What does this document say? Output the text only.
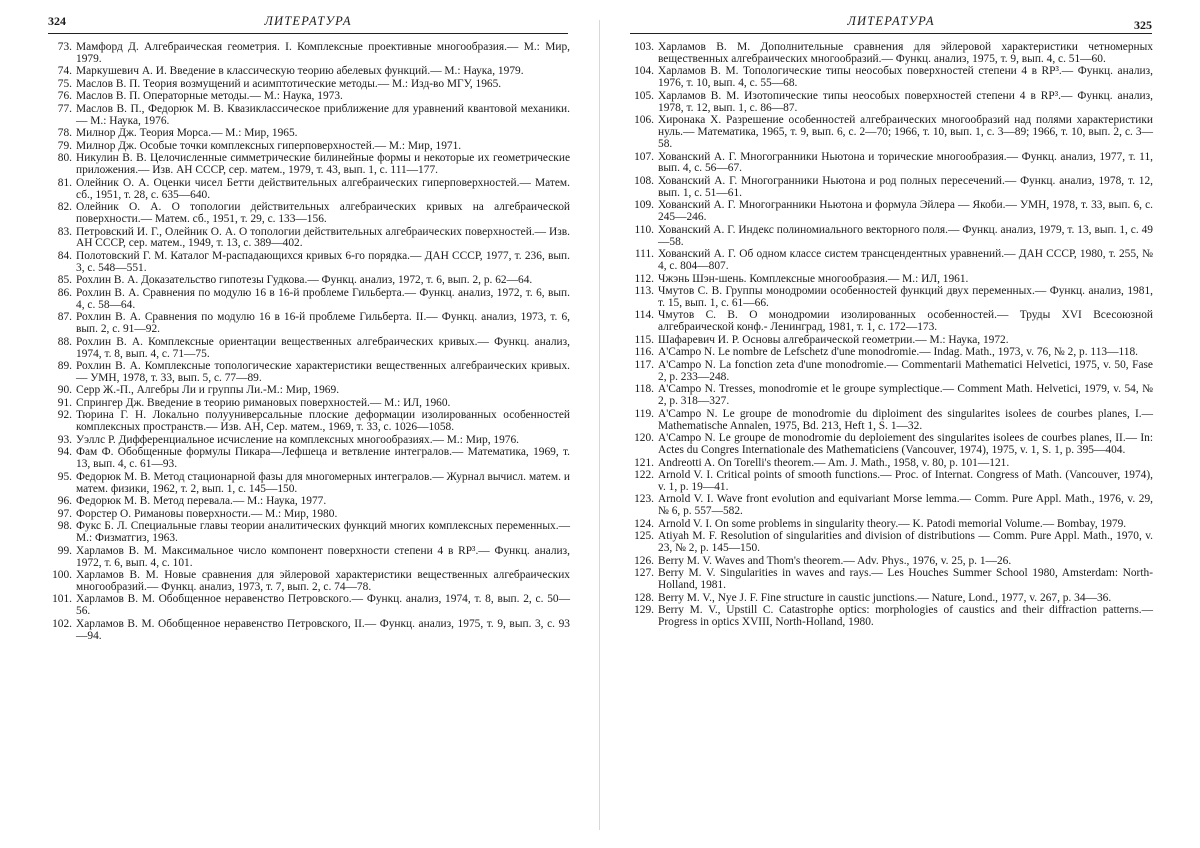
324	ЛИТЕРАТУРА
73. Мамфорд Д. Алгебраическая геометрия. I. Комплексные проективные многообразия.— М.: Мир, 1979.
74. Маркушевич А. И. Введение в классическую теорию абелевых функций.— М.: Наука, 1979.
75. Маслов В. П. Теория возмущений и асимптотические методы.— М.: Изд-во МГУ, 1965.
76. Маслов В. П. Операторные методы.— М.: Наука, 1973.
77. Маслов В. П., Федорюк М. В. Квазиклассическое приближение для уравнений квантовой механики.— М.: Наука, 1976.
78. Милнор Дж. Теория Морса.— М.: Мир, 1965.
79. Милнор Дж. Особые точки комплексных гиперповерхностей.— М.: Мир, 1971.
80. Никулин В. В. Целочисленные симметрические билинейные формы и некоторые их геометрические приложения.— Изв. АН СССР, сер. матем., 1979, т. 43, вып. 1, с. 111—177.
81. Олейник О. А. Оценки чисел Бетти действительных алгебраических гиперповерхностей.— Матем. сб., 1951, т. 28, с. 635—640.
82. Олейник О. А. О топологии действительных алгебраических кривых на алгебраической поверхности.— Матем. сб., 1951, т. 29, с. 133—156.
83. Петровский И. Г., Олейник О. А. О топологии действительных алгебраических поверхностей.— Изв. АН СССР, сер. матем., 1949, т. 13, с. 389—402.
84. Полотовский Г. М. Каталог M-распадающихся кривых 6-го порядка.— ДАН СССР, 1977, т. 236, вып. 3, с. 548—551.
85. Рохлин В. А. Доказательство гипотезы Гудкова.— Функц. анализ, 1972, т. 6, вып. 2, р. 62—64.
86. Рохлин В. А. Сравнения по модулю 16 в 16-й проблеме Гильберта.— Функц. анализ, 1972, т. 6, вып. 4, с. 58—64.
87. Рохлин В. А. Сравнения по модулю 16 в 16-й проблеме Гильберта. II.— Функц. анализ, 1973, т. 6, вып. 2, с. 91—92.
88. Рохлин В. А. Комплексные ориентации вещественных алгебраических кривых.— Функц. анализ, 1974, т. 8, вып. 4, с. 71—75.
89. Рохлин В. А. Комплексные топологические характеристики вещественных алгебраических кривых.— УМН, 1978, т. 33, вып. 5, с. 77—89.
90. Серр Ж.-П., Алгебры Ли и группы Ли.-М.: Мир, 1969.
91. Спрингер Дж. Введение в теорию римановых поверхностей.— М.: ИЛ, 1960.
92. Тюрина Г. Н. Локально полууниверсальные плоские деформации изолированных особенностей комплексных пространств.— Изв. АН, Сер. матем., 1969, т. 33, с. 1026—1058.
93. Уэллс Р. Дифференциальное исчисление на комплексных многообразиях.— М.: Мир, 1976.
94. Фам Ф. Обобщенные формулы Пикара—Лефшеца и ветвление интегралов.— Математика, 1969, т. 13, вып. 4, с. 61—93.
95. Федорюк М. В. Метод стационарной фазы для многомерных интегралов.— Журнал вычисл. матем. и матем. физики, 1962, т. 2, вып. 1, с. 145—150.
96. Федорюк М. В. Метод перевала.— М.: Наука, 1977.
97. Форстер О. Римановы поверхности.— М.: Мир, 1980.
98. Фукс Б. Л. Специальные главы теории аналитических функций многих комплексных переменных.— М.: Физматгиз, 1963.
99. Харламов В. М. Максимальное число компонент поверхности степени 4 в RP³.— Функц. анализ, 1972, т. 6, вып. 4, с. 101.
100. Харламов В. М. Новые сравнения для эйлеровой характеристики вещественных алгебраических многообразий.— Функц. анализ, 1973, т. 7, вып. 2, с. 74—78.
101. Харламов В. М. Обобщенное неравенство Петровского.— Функц. анализ, 1974, т. 8, вып. 2, с. 50—56.
102. Харламов В. М. Обобщенное неравенство Петровского, II.— Функц. анализ, 1975, т. 9, вып. 3, с. 93—94.
ЛИТЕРАТУРА	325
103. Харламов В. М. Дополнительные сравнения для эйлеровой характеристики четномерных вещественных алгебраических многообразий.— Функц. анализ, 1975, т. 9, вып. 4, с. 51—60.
104. Харламов В. М. Топологические типы неособых поверхностей степени 4 в RP³.— Функц. анализ, 1976, т. 10, вып. 4, с. 55—68.
105. Харламов В. М. Изотопические типы неособых поверхностей степени 4 в RP³.— Функц. анализ, 1978, т. 12, вып. 1, с. 86—87.
106. Хиронака Х. Разрешение особенностей алгебраических многообразий над полями характеристики нуль.— Математика, 1965, т. 9, вып. 6, с. 2—70; 1966, т. 10, вып. 1, с. 3—89; 1966, т. 10, вып. 2, с. 3—58.
107. Хованский А. Г. Многогранники Ньютона и торические многообразия.— Функц. анализ, 1977, т. 11, вып. 4, с. 56—67.
108. Хованский А. Г. Многогранники Ньютона и род полных пересечений.— Функц. анализ, 1978, т. 12, вып. 1, с. 51—61.
109. Хованский А. Г. Многогранники Ньютона и формула Эйлера — Якоби.— УМН, 1978, т. 33, вып. 6, с. 245—246.
110. Хованский А. Г. Индекс полиномиального векторного поля.— Функц. анализ, 1979, т. 13, вып. 1, с. 49—58.
111. Хованский А. Г. Об одном классе систем трансцендентных уравнений.— ДАН СССР, 1980, т. 255, № 4, с. 804—807.
112. Чжэнь Шэн-шень. Комплексные многообразия.— М.: ИЛ, 1961.
113. Чмутов С. В. Группы монодромии особенностей функций двух переменных.— Функц. анализ, 1981, т. 15, вып. 1, с. 61—66.
114. Чмутов С. В. О монодромии изолированных особенностей.— Труды XVI Всесоюзной алгебраической конф.- Ленинград, 1981, т. 1, с. 172—173.
115. Шафаревич И. Р. Основы алгебраической геометрии.— М.: Наука, 1972.
116. A'Campo N. Le nombre de Lefschetz d'une monodromie.— Indag. Math., 1973, v. 76, № 2, p. 113—118.
117. A'Campo N. La fonction zeta d'une monodromie.— Commentarii Mathematici Helvetici, 1975, v. 50, Fase 2, p. 233—248.
118. A'Campo N. Tresses, monodromie et le groupe symplectique.— Comment Math. Helvetici, 1979, v. 54, № 2, p. 318—327.
119. A'Campo N. Le groupe de monodromie du diploiment des singularites isolees de courbes planes, I.— Mathematische Annalen, 1975, Bd. 213, Heft 1, S. 1—32.
120. A'Campo N. Le groupe de monodromie du deploiement des singularites isolees de courbes planes, II.— In: Actes du Congres Internationale des Mathematiciens (Vancouver, 1974), 1975, v. 1, S. 1, p. 395—404.
121. Andreotti A. On Torelli's theorem.— Am. J. Math., 1958, v. 80, p. 101—121.
122. Arnold V. I. Critical points of smooth functions.— Proc. of Internat. Congress of Math. (Vancouver, 1974), v. 1, p. 19—41.
123. Arnold V. I. Wave front evolution and equivariant Morse lemma.— Comm. Pure Appl. Math., 1976, v. 29, № 6, p. 557—582.
124. Arnold V. I. On some problems in singularity theory.— K. Patodi memorial Volume.— Bombay, 1979.
125. Atiyah M. F. Resolution of singularities and division of distributions — Comm. Pure Appl. Math., 1970, v. 23, № 2, p. 145—150.
126. Berry M. V. Waves and Thom's theorem.— Adv. Phys., 1976, v. 25, p. 1—26.
127. Berry M. V. Singularities in waves and rays.— Les Houches Summer School 1980, Amsterdam: North-Holland, 1981.
128. Berry M. V., Nye J. F. Fine structure in caustic junctions.— Nature, Lond., 1977, v. 267, p. 34—36.
129. Berry M. V., Upstill C. Catastrophe optics: morphologies of caustics and their diffraction patterns.— Progress in optics XVIII, North-Holland, 1980.
